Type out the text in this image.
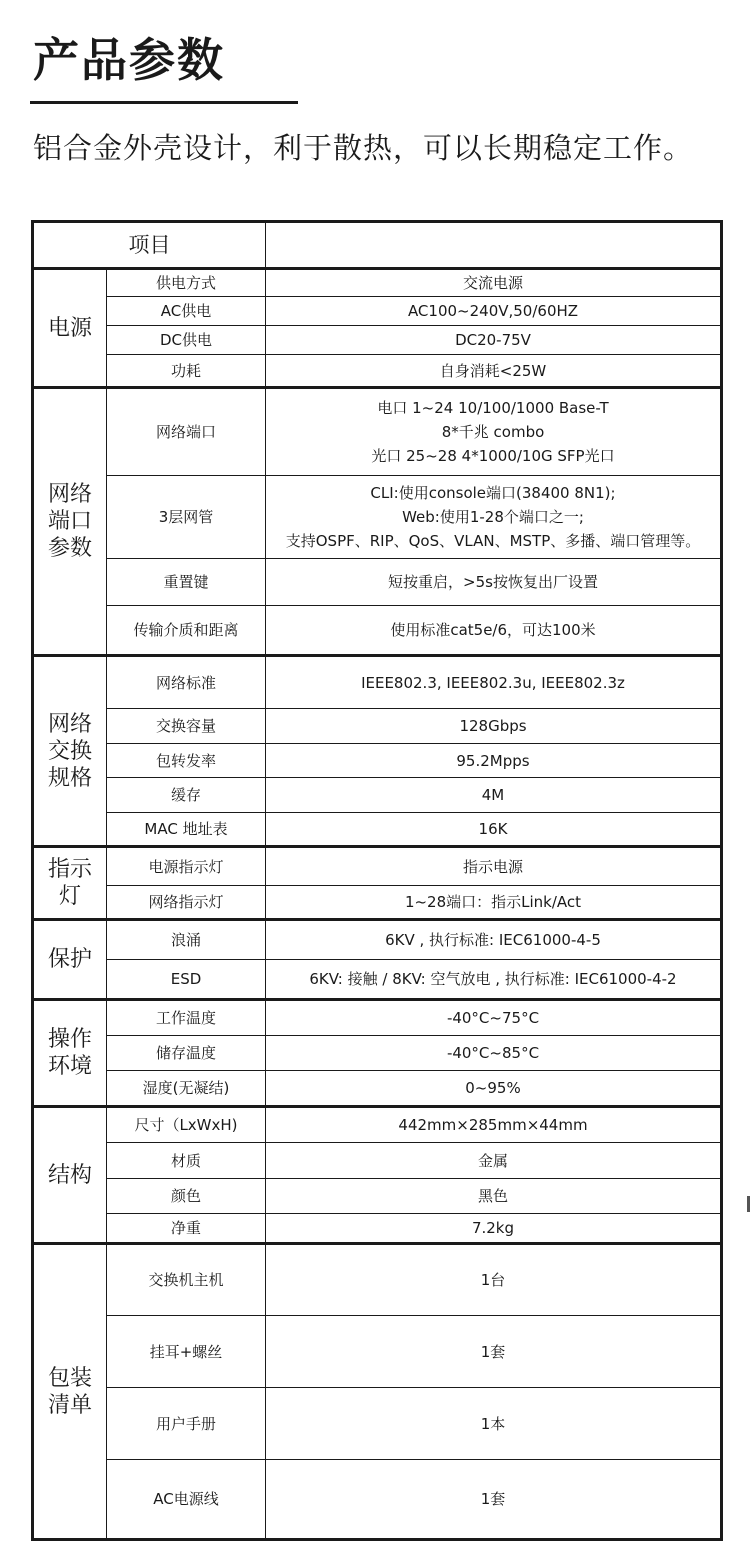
产品参数

铝合金外壳设计，利于散热，可以长期稳定工作。

项目		

电源	供电方式	交流电源

	AC供电	AC100~240V,50/60HZ

	DC供电	DC20-75V

	功耗	自身消耗<25W

网络
端口
参数	网络端口	电口 1~24 10/100/1000 Base-T
8*千兆 combo
光口 25~28 4*1000/10G SFP光口

	3层网管	CLI:使用console端口(38400 8N1);
Web:使用1-28个端口之一;
支持OSPF、RIP、QoS、VLAN、MSTP、多播、端口管理等。

	重置键	短按重启，>5s按恢复出厂设置

	传输介质和距离	使用标准cat5e/6，可达100米

网络
交换
规格	网络标准	IEEE802.3, IEEE802.3u, IEEE802.3z

	交换容量	128Gbps

	包转发率	95.2Mpps

	缓存	4M

	MAC 地址表	16K

指示
灯	电源指示灯	指示电源

	网络指示灯	1~28端口：指示Link/Act

保护	浪涌	6KV , 执行标准: IEC61000-4-5

	ESD	6KV: 接触 / 8KV: 空气放电 , 执行标准: IEC61000-4-2

操作
环境	工作温度	-40°C~75°C

	储存温度	-40°C~85°C

	湿度(无凝结)	0~95%

结构	尺寸（LxWxH)	442mm×285mm×44mm

	材质	金属

	颜色	黑色

	净重	7.2kg

包装
清单	交换机主机	1台

	挂耳+螺丝	1套

	用户手册	1本

	AC电源线	1套
